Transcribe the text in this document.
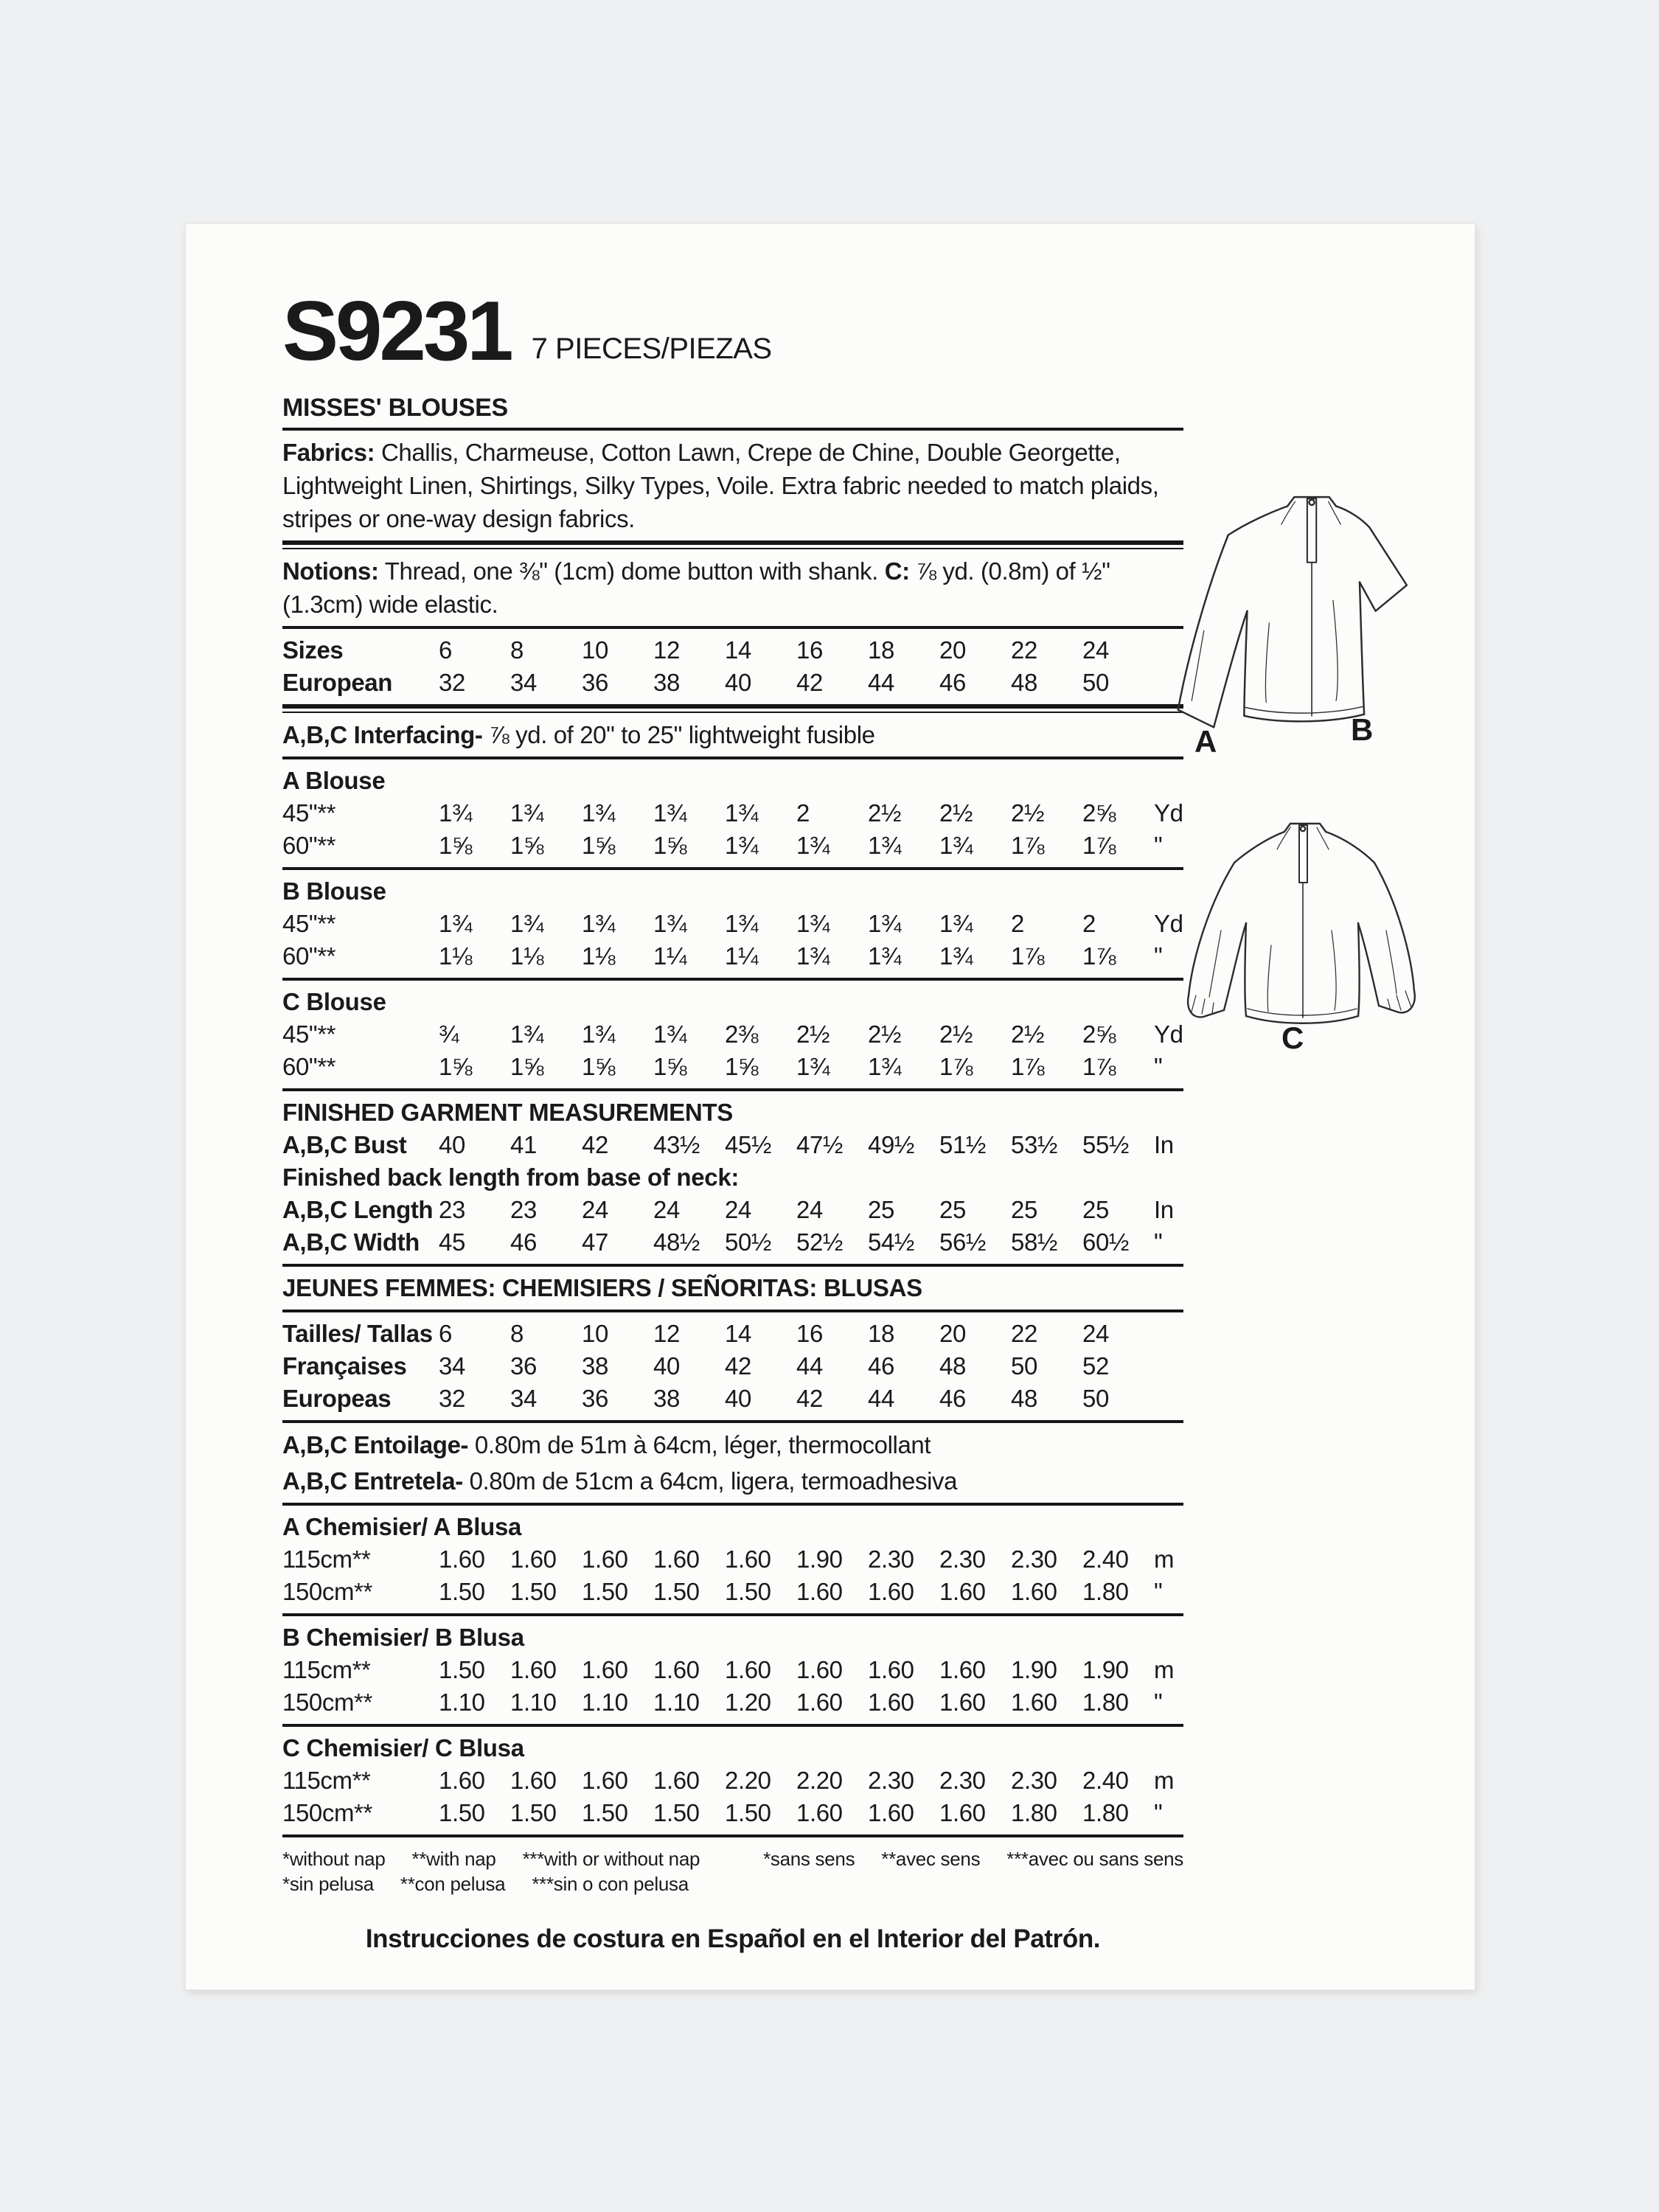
S9231 7 PIECES/PIEZAS
MISSES' BLOUSES

Fabrics: Challis, Charmeuse, Cotton Lawn, Crepe de Chine, Double Georgette, Lightweight Linen, Shirtings, Silky Types, Voile. Extra fabric needed to match plaids, stripes or one-way design fabrics.

Notions: Thread, one ⅜" (1cm) dome button with shank. C: ⅞ yd. (0.8m) of ½" (1.3cm) wide elastic.

Sizes	6	8	10	12	14	16	18	20	22	24
European	32	34	36	38	40	42	44	46	48	50

A,B,C Interfacing- ⅞ yd. of 20" to 25" lightweight fusible

A Blouse
45"**	1¾	1¾	1¾	1¾	1¾	2	2½	2½	2½	2⅝	Yd
60"**	1⅝	1⅝	1⅝	1⅝	1¾	1¾	1¾	1¾	1⅞	1⅞	"
B Blouse
45"**	1¾	1¾	1¾	1¾	1¾	1¾	1¾	1¾	2	2	Yd
60"**	1⅛	1⅛	1⅛	1¼	1¼	1¾	1¾	1¾	1⅞	1⅞	"
C Blouse
45"**	¾	1¾	1¾	1¾	2⅜	2½	2½	2½	2½	2⅝	Yd
60"**	1⅝	1⅝	1⅝	1⅝	1⅝	1¾	1¾	1⅞	1⅞	1⅞	"
FINISHED GARMENT MEASUREMENTS
A,B,C Bust	40	41	42	43½	45½	47½	49½	51½	53½	55½	In
Finished back length from base of neck:
A,B,C Length 23	23	24	24	24	24	25	25	25	25	In
A,B,C Width 45	46	47	48½	50½	52½	54½	56½	58½	60½	"
JEUNES FEMMES: CHEMISIERS / SEÑORITAS: BLUSAS
Tailles/ Tallas 6	8	10	12	14	16	18	20	22	24
Françaises	34	36	38	40	42	44	46	48	50	52
Europeas	32	34	36	38	40	42	44	46	48	50

A,B,C Entoilage- 0.80m de 51m à 64cm, léger, thermocollant

A,B,C Entretela- 0.80m de 51cm a 64cm, ligera, termoadhesiva

A Chemisier/ A Blusa
115cm**	1.60	1.60	1.60	1.60	1.60	1.90	2.30	2.30	2.30	2.40	m
150cm**	1.50	1.50	1.50	1.50	1.50	1.60	1.60	1.60	1.60	1.80	"
B Chemisier/ B Blusa
115cm**	1.50	1.60	1.60	1.60	1.60	1.60	1.60	1.60	1.90	1.90	m
150cm**	1.10	1.10	1.10	1.10	1.20	1.60	1.60	1.60	1.60	1.80	"
C Chemisier/ C Blusa
115cm**	1.60	1.60	1.60	1.60	2.20	2.20	2.30	2.30	2.30	2.40	m
150cm**	1.50	1.50	1.50	1.50	1.50	1.60	1.60	1.60	1.80	1.80	"
*without nap **with nap ***with or without nap	*sans sens **avec sens ***avec ou sans sens
*sin pelusa **con pelusa ***sin o con pelusa
Instrucciones de costura en Español en el Interior del Patrón.
A	B
C
